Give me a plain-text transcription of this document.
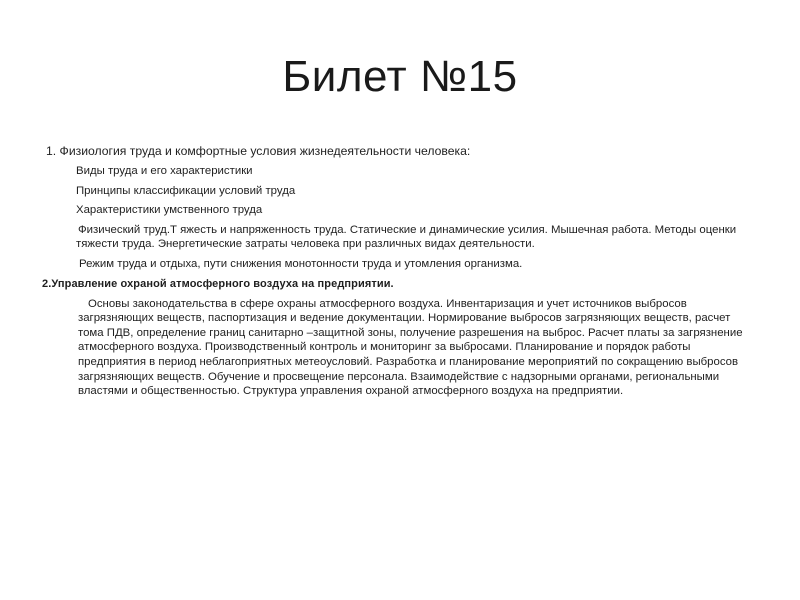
Билет №15

1. Физиология труда и комфортные условия жизнедеятельности человека:

Виды труда и его характеристики

Принципы классификации условий труда

Характеристики умственного труда

Физический труд.Т яжесть и напряженность труда. Статические и динамические усилия. Мышечная работа. Методы оценки тяжести труда. Энергетические затраты человека при различных видах деятельности.

Режим труда и отдыха, пути снижения монотонности труда и утомления организма.

2.Управление охраной атмосферного воздуха на предприятии.

Основы законодательства в сфере охраны атмосферного воздуха. Инвентаризация и учет источников выбросов загрязняющих веществ, паспортизация и ведение документации. Нормирование выбросов загрязняющих веществ, расчет тома ПДВ, определение границ санитарно –защитной зоны, получение разрешения на выброс. Расчет платы за загрязнение атмосферного воздуха. Производственный контроль и мониторинг за выбросами. Планирование и порядок работы предприятия в период неблагоприятных метеоусловий. Разработка и планирование мероприятий по сокращению выбросов загрязняющих веществ. Обучение и просвещение персонала. Взаимодействие с надзорными органами, региональными властями и общественностью. Структура управления охраной атмосферного воздуха на предприятии.
